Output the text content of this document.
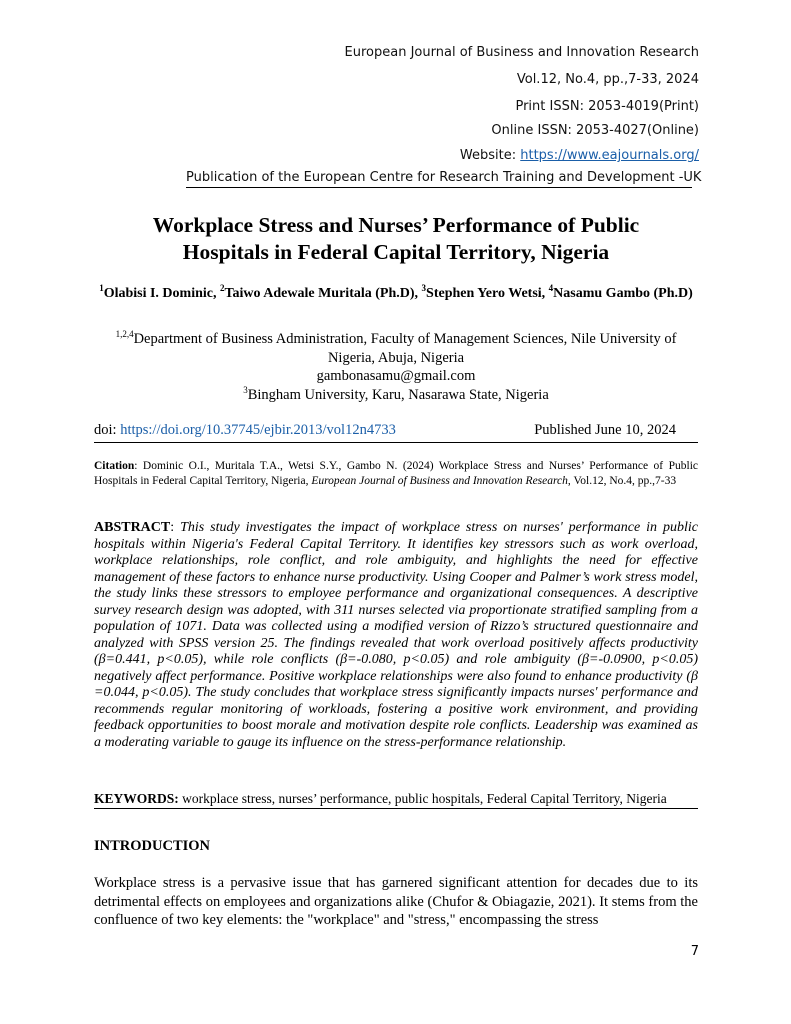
European Journal of Business and Innovation Research
Vol.12, No.4, pp.,7-33, 2024
Print ISSN: 2053-4019(Print)
Online ISSN: 2053-4027(Online)
Website: https://www.eajournals.org/
Publication of the European Centre for Research Training and Development -UK
Workplace Stress and Nurses’ Performance of Public
Hospitals in Federal Capital Territory, Nigeria
$^1$Olabisi I. Dominic, $^2$Taiwo Adewale Muritala (Ph.D), $^3$Stephen Yero Wetsi, $^4$Nasamu Gambo (Ph.D)
$^{1,2,4}$Department of Business Administration, Faculty of Management Sciences, Nile University of Nigeria, Abuja, Nigeria
gambonasamu@gmail.com
$^3$Bingham University, Karu, Nasarawa State, Nigeria
doi: https://doi.org/10.37745/ejbir.2013/vol12n4733	Published June 10, 2024
Citation: Dominic O.I., Muritala T.A., Wetsi S.Y., Gambo N. (2024) Workplace Stress and Nurses’ Performance of Public Hospitals in Federal Capital Territory, Nigeria, European Journal of Business and Innovation Research, Vol.12, No.4, pp.,7-33
ABSTRACT: This study investigates the impact of workplace stress on nurses' performance in public hospitals within Nigeria's Federal Capital Territory. It identifies key stressors such as work overload, workplace relationships, role conflict, and role ambiguity, and highlights the need for effective management of these factors to enhance nurse productivity. Using Cooper and Palmer’s work stress model, the study links these stressors to employee performance and organizational consequences. A descriptive survey research design was adopted, with 311 nurses selected via proportionate stratified sampling from a population of 1071. Data was collected using a modified version of Rizzo’s structured questionnaire and analyzed with SPSS version 25. The findings revealed that work overload positively affects productivity (β=0.441, p<0.05), while role conflicts (β=-0.080, p<0.05) and role ambiguity (β=-0.0900, p<0.05) negatively affect performance. Positive workplace relationships were also found to enhance productivity (β =0.044, p<0.05). The study concludes that workplace stress significantly impacts nurses' performance and recommends regular monitoring of workloads, fostering a positive work environment, and providing feedback opportunities to boost morale and motivation despite role conflicts. Leadership was examined as a moderating variable to gauge its influence on the stress-performance relationship.
KEYWORDS: workplace stress, nurses’ performance, public hospitals, Federal Capital Territory, Nigeria
INTRODUCTION
Workplace stress is a pervasive issue that has garnered significant attention for decades due to its detrimental effects on employees and organizations alike (Chufor & Obiagazie, 2021). It stems from the confluence of two key elements: the "workplace" and "stress," encompassing the stress
7
